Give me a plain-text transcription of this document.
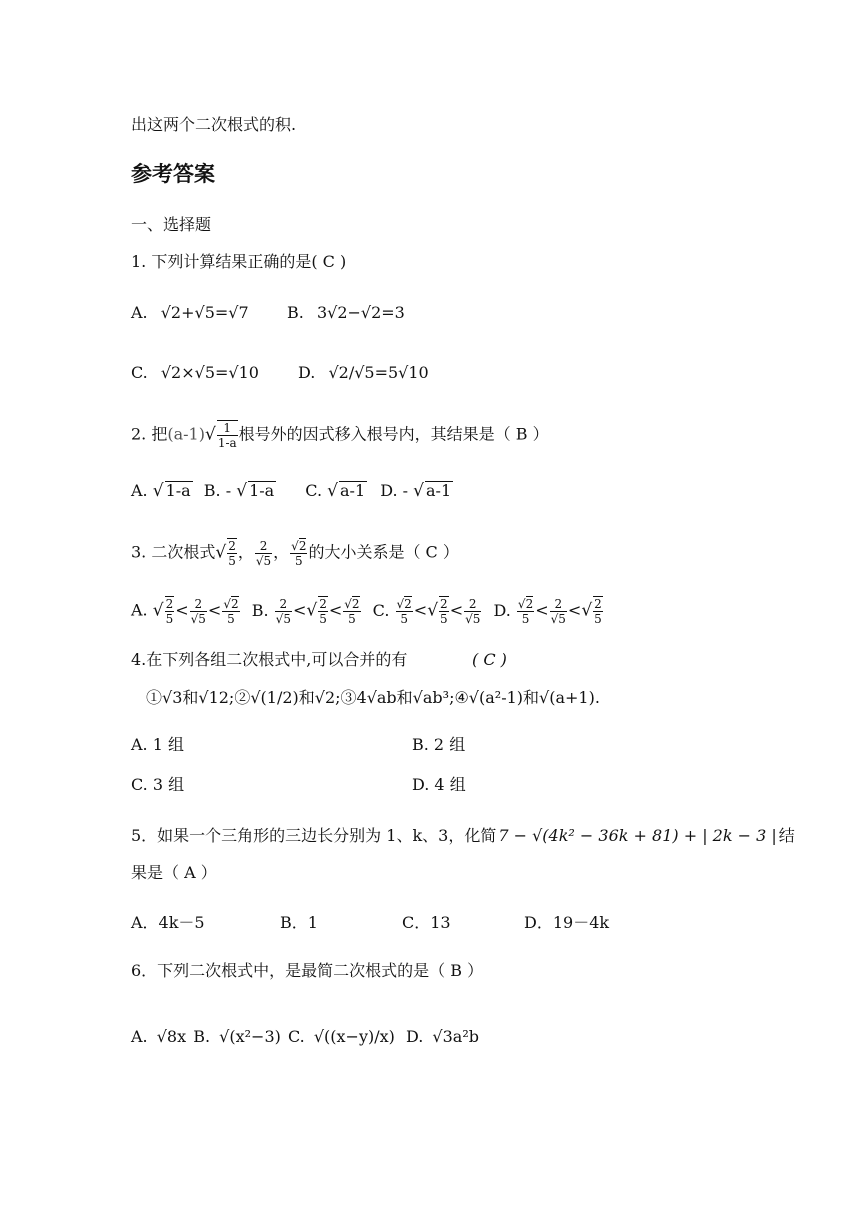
出这两个二次根式的积.
参考答案
一、选择题
1. 下列计算结果正确的是( C )
A. √2+√5=√7 B. 3√2−√2=3
C. √2×√5=√10 D. √2/√5=5√10
2. 把$(a-1)√ \frac{1}{1-a}$ 根号外的因式移入根号内，其结果是（ B ）
A. √ 1-a B. - √ 1-a C. √ a-1 D. - √ a-1
3. 二次根式√ $\frac{2}{5}$ ， $\frac{2}{√5}$ ， $\frac{√2}{5}$ 的大小关系是（ C ）
A. √ $\frac{2}{5} < \frac{2}{√5} < \frac{√2}{5} B$. $\frac{2}{√5}$ <√ $\frac{2}{5} < \frac{√2}{5} C$. $\frac{√2}{5}$ <√ $\frac{2}{5} < \frac{2}{√5} D$. $\frac{√2}{5} < \frac{2}{√5}$ <√ $\frac{2}{5}$
4.在下列各组二次根式中,可以合并的有	( C )
①√3和√12;②√(1/2)和√2;③4√ab和√ab³;④√(a²-1)和√(a+1).
A. 1 组	B. 2 组
C. 3 组	D. 4 组
5．如果一个三角形的三边长分别为 1、k、3，化简 7 − √(4k² − 36k + 81) + | 2k − 3 | 结
果是（ A ）
A．4k－5	B．1	C．13	D．19－4k
6．下列二次根式中，是最简二次根式的是（ B ）
A. √8x B. √(x²−3) C. √((x−y)/x) D. √3a²b
